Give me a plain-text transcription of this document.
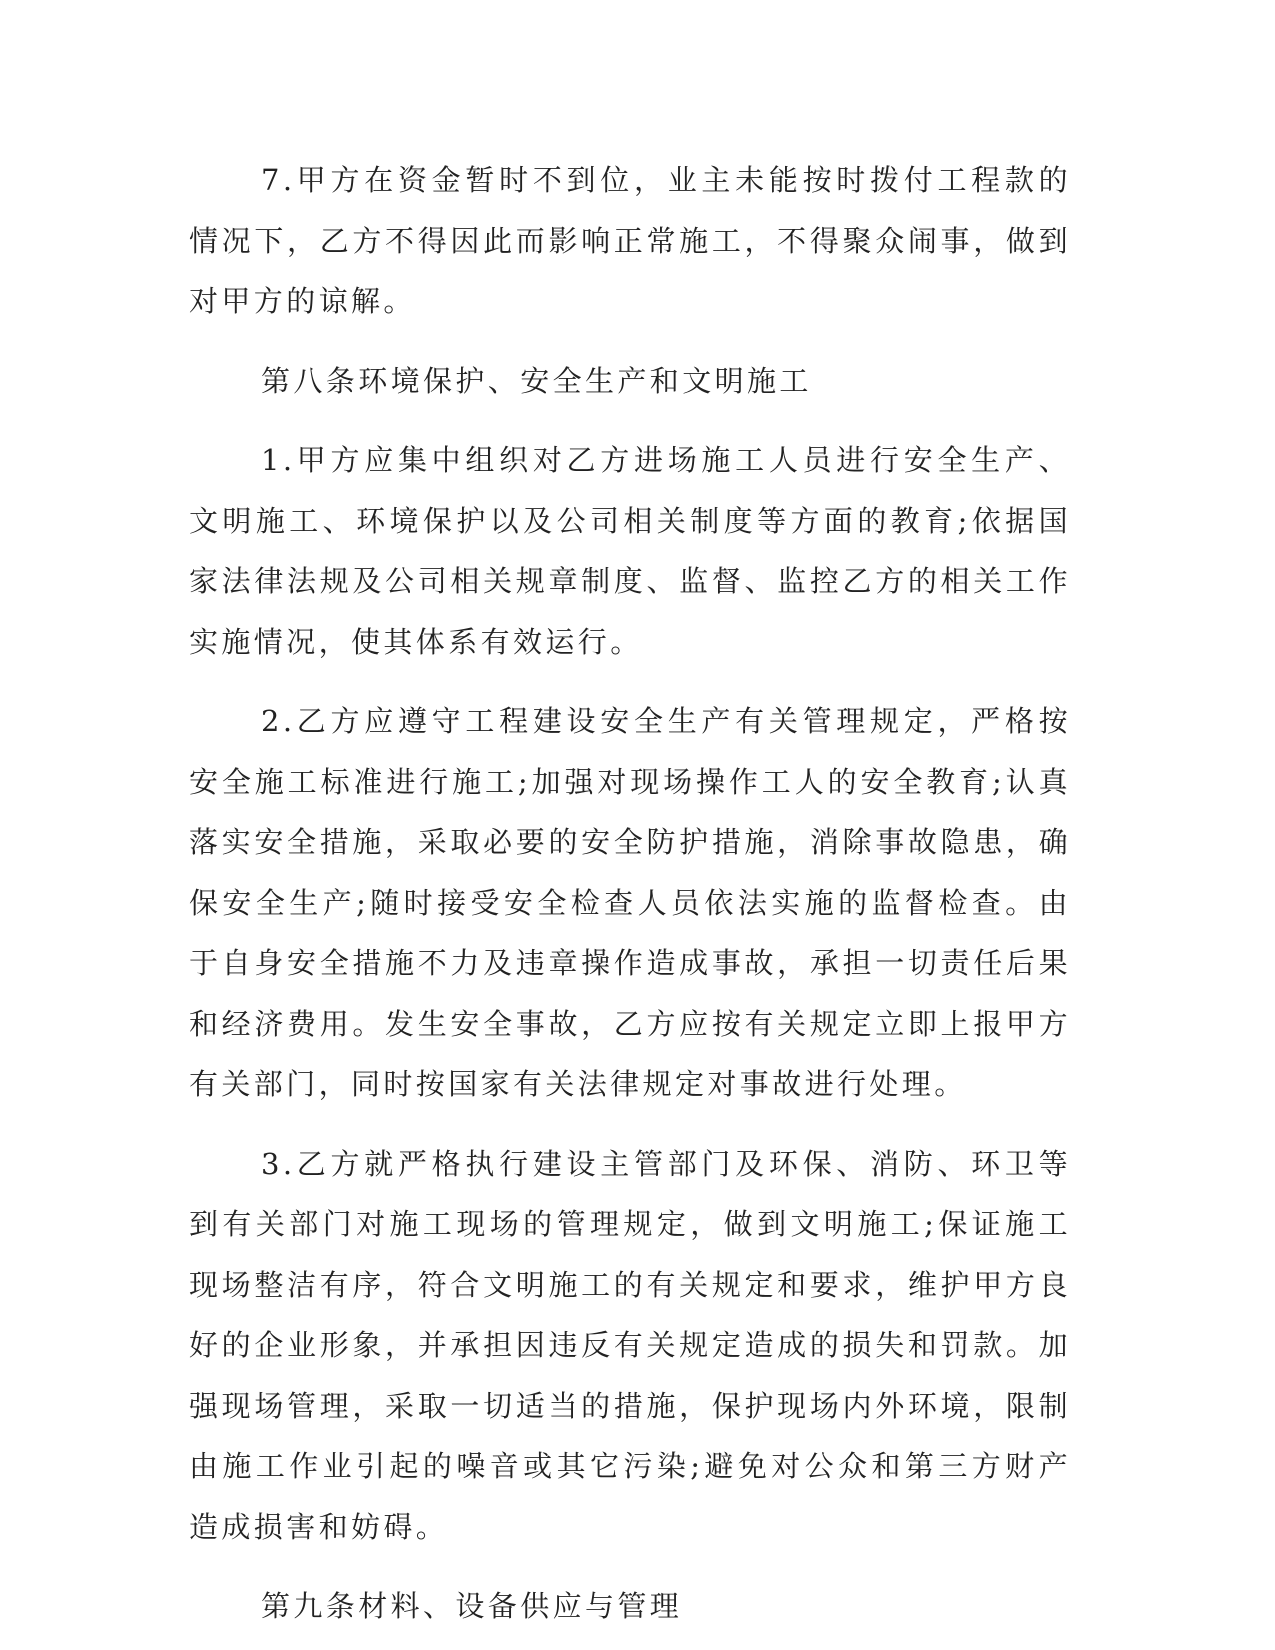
7.甲方在资金暂时不到位，业主未能按时拨付工程款的情况下，乙方不得因此而影响正常施工，不得聚众闹事，做到对甲方的谅解。

第八条环境保护、安全生产和文明施工

1.甲方应集中组织对乙方进场施工人员进行安全生产、文明施工、环境保护以及公司相关制度等方面的教育;依据国家法律法规及公司相关规章制度、监督、监控乙方的相关工作实施情况，使其体系有效运行。

2.乙方应遵守工程建设安全生产有关管理规定，严格按安全施工标准进行施工;加强对现场操作工人的安全教育;认真落实安全措施，采取必要的安全防护措施，消除事故隐患，确保安全生产;随时接受安全检查人员依法实施的监督检查。由于自身安全措施不力及违章操作造成事故，承担一切责任后果和经济费用。发生安全事故，乙方应按有关规定立即上报甲方有关部门，同时按国家有关法律规定对事故进行处理。

3.乙方就严格执行建设主管部门及环保、消防、环卫等到有关部门对施工现场的管理规定，做到文明施工;保证施工现场整洁有序，符合文明施工的有关规定和要求，维护甲方良好的企业形象，并承担因违反有关规定造成的损失和罚款。加强现场管理，采取一切适当的措施，保护现场内外环境，限制由施工作业引起的噪音或其它污染;避免对公众和第三方财产造成损害和妨碍。

第九条材料、设备供应与管理
